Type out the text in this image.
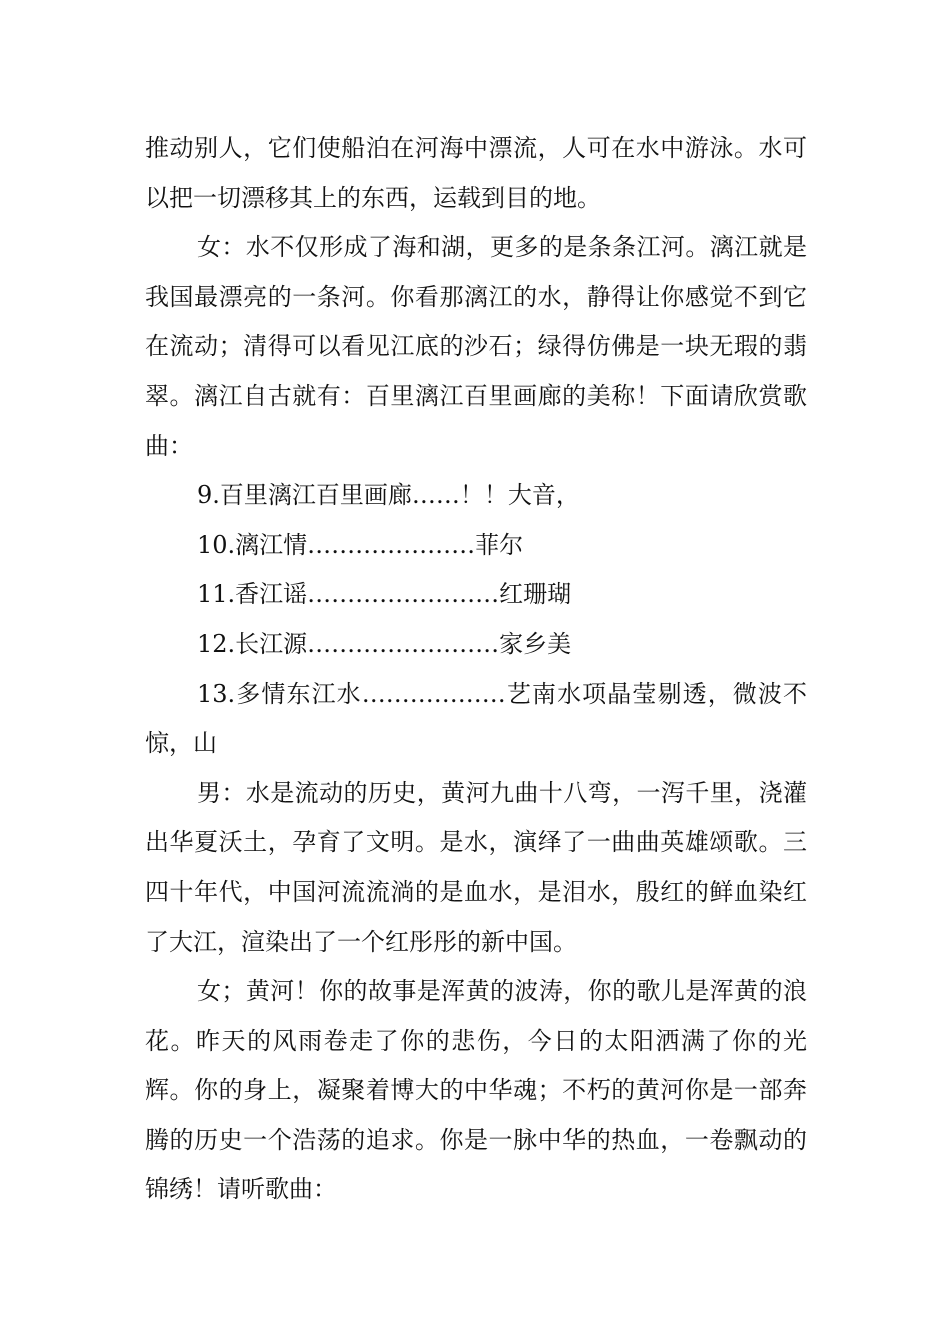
推动别人，它们使船泊在河海中漂流，人可在水中游泳。水可以把一切漂移其上的东西，运载到目的地。

女：水不仅形成了海和湖，更多的是条条江河。漓江就是我国最漂亮的一条河。你看那漓江的水，静得让你感觉不到它在流动；清得可以看见江底的沙石；绿得仿佛是一块无瑕的翡翠。漓江自古就有：百里漓江百里画廊的美称！下面请欣赏歌曲：

9.百里漓江百里画廊……！！大音，

10.漓江情…………………菲尔

11.香江谣……………………红珊瑚

12.长江源……………………家乡美

13.多情东江水………………艺南水项晶莹剔透，微波不惊，山

男：水是流动的历史，黄河九曲十八弯，一泻千里，浇灌出华夏沃土，孕育了文明。是水，演绎了一曲曲英雄颂歌。三四十年代，中国河流流淌的是血水，是泪水，殷红的鲜血染红了大江，渲染出了一个红彤彤的新中国。

女；黄河！你的故事是浑黄的波涛，你的歌儿是浑黄的浪花。昨天的风雨卷走了你的悲伤，今日的太阳洒满了你的光辉。你的身上，凝聚着博大的中华魂；不朽的黄河你是一部奔腾的历史一个浩荡的追求。你是一脉中华的热血，一卷飘动的锦绣！请听歌曲：
